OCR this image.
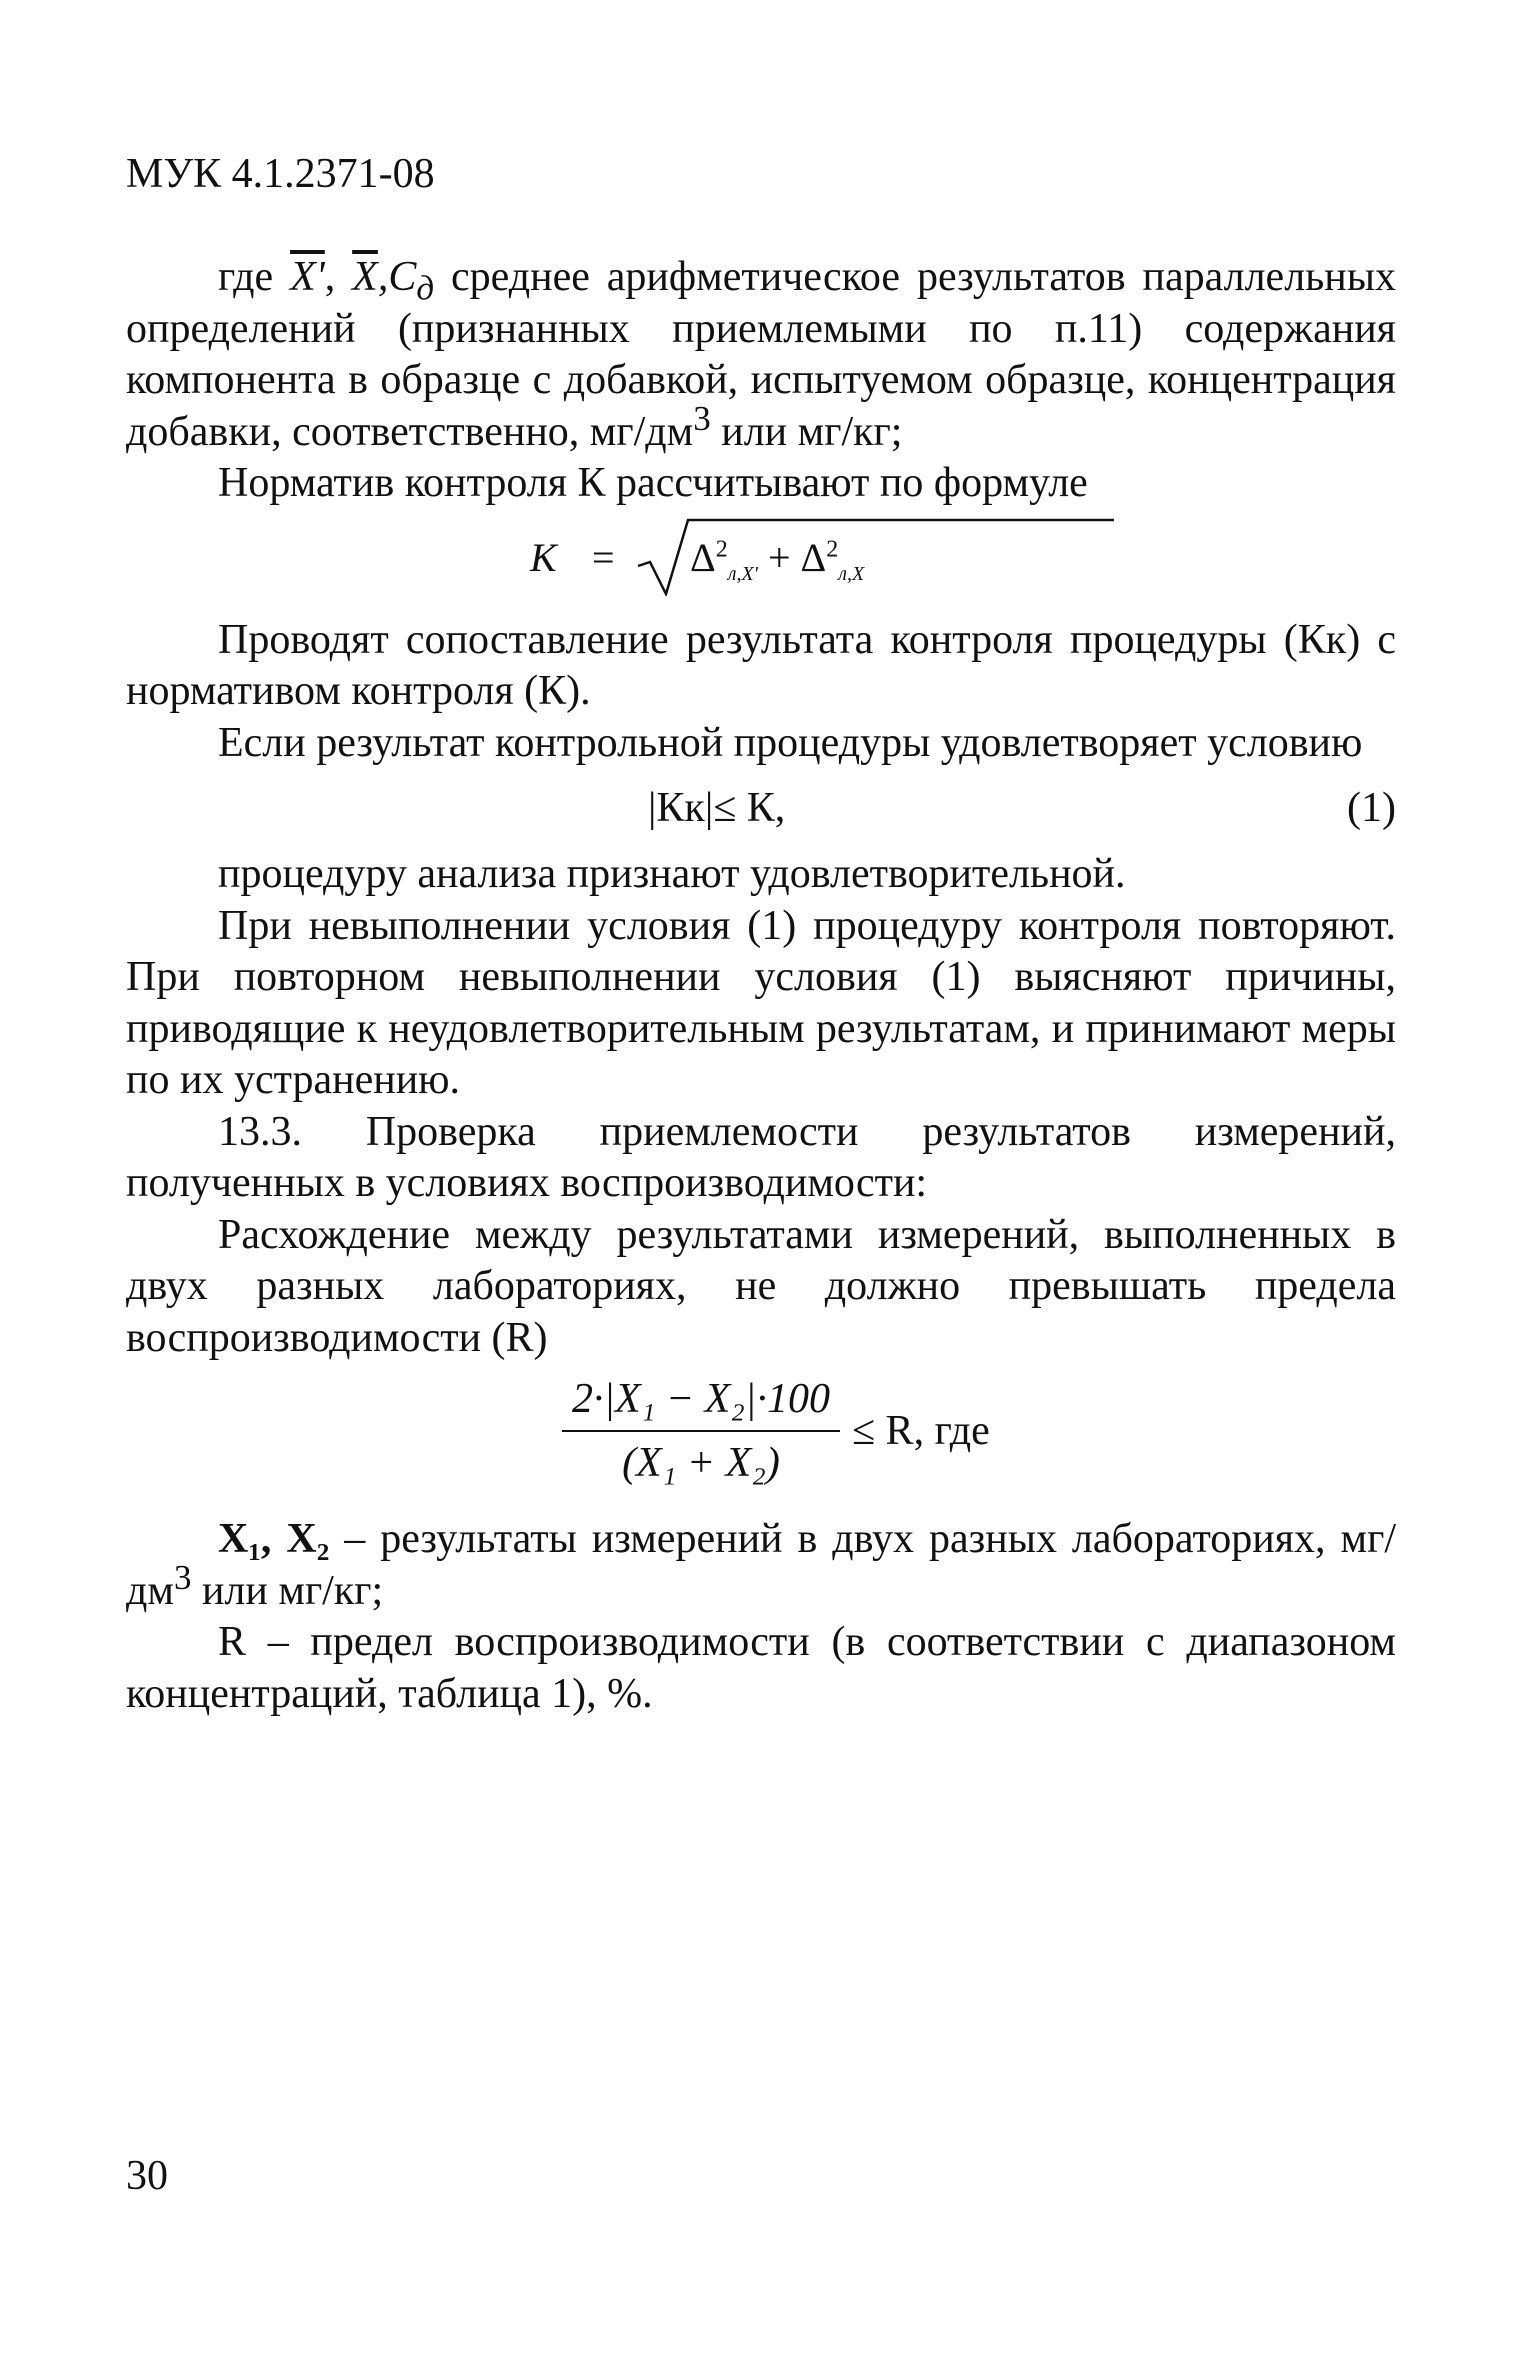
МУК 4.1.2371-08

где X', $\overline{X},C_д$ среднее арифметическое результатов параллельных определений (признанных приемлемыми по п.11) содержания компонента в образце с добавкой, испытуемом образце, концентрация добавки, соответственно, $мг/дм^3$ или мг/кг;

Норматив контроля К рассчитывают по формуле

$К = \Delta^2_{л,X'} + \Delta^2_{л,X}$

Проводят сопоставление результата контроля процедуры (Кк) с нормативом контроля (К).

Если результат контрольной процедуры удовлетворяет условию

|Кк|≤ К,	(1)

процедуру анализа признают удовлетворительной.

При невыполнении условия (1) процедуру контроля повторяют. При повторном невыполнении условия (1) выясняют причины, приводящие к неудовлетворительным результатам, и принимают меры по их устранению.

13.3. Проверка приемлемости результатов измерений, полученных в условиях воспроизводимости:

Расхождение между результатами измерений, выполненных в двух разных лабораториях, не должно превышать предела воспроизводимости (R)

$\frac{\text{2·|X₁ − X₂|·100}}{\text{(X₁ + X₂)}} \le R$, где

X₁, X₂ – результаты измерений в двух разных лабораториях, $мг/дм^3$ или мг/кг;

R – предел воспроизводимости (в соответствии с диапазоном концентраций, таблица 1), %.

30
